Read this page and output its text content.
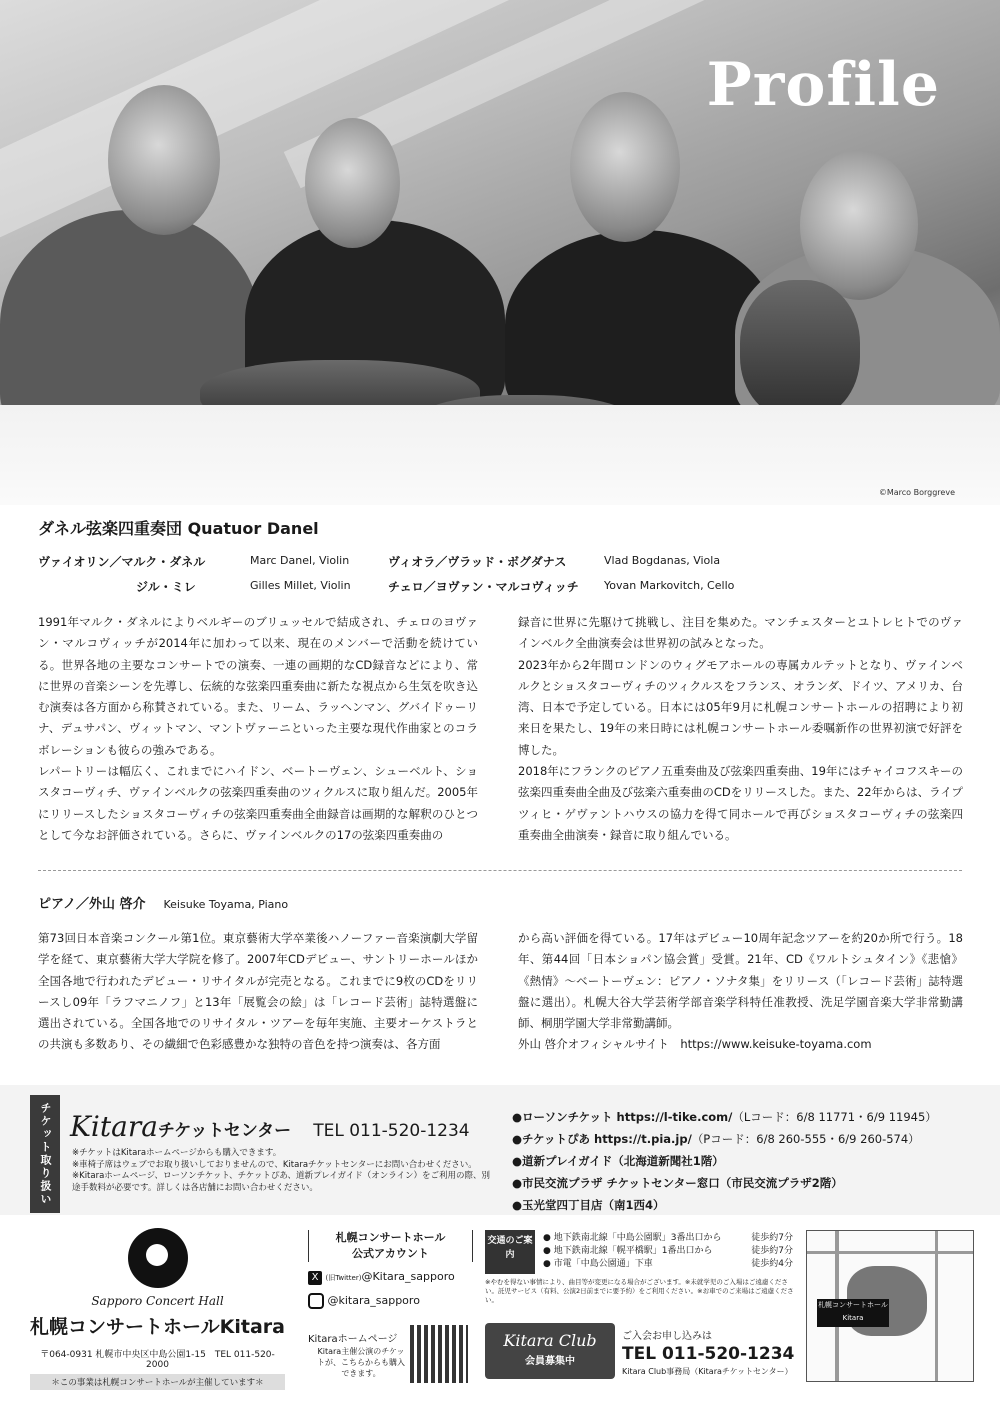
Profile
©Marco Borggreve
ダネル弦楽四重奏団 Quatuor Danel
ヴァイオリン／マルク・ダネル	Marc Danel, Violin	ヴィオラ／ヴラッド・ボグダナス	Vlad Bogdanas, Viola
ジル・ミレ	Gilles Millet, Violin	チェロ／ヨヴァン・マルコヴィッチ Yovan Markovitch, Cello

1991年マルク・ダネルによりベルギーのブリュッセルで結成され、チェロのヨヴァン・マルコヴィッチが2014年に加わって以来、現在のメンバーで活動を続けている。世界各地の主要なコンサートでの演奏、一連の画期的なCD録音などにより、常に世界の音楽シーンを先導し、伝統的な弦楽四重奏曲に新たな視点から生気を吹き込む演奏は各方面から称賛されている。また、リーム、ラッヘンマン、グバイドゥーリナ、デュサパン、ヴィットマン、マントヴァーニといった主要な現代作曲家とのコラボレーションも彼らの強みである。

レパートリーは幅広く、これまでにハイドン、ベートーヴェン、シューベルト、ショスタコーヴィチ、ヴァインベルクの弦楽四重奏曲のツィクルスに取り組んだ。2005年にリリースしたショスタコーヴィチの弦楽四重奏曲全曲録音は画期的な解釈のひとつとして今なお評価されている。さらに、ヴァインベルクの17の弦楽四重奏曲の

録音に世界に先駆けて挑戦し、注目を集めた。マンチェスターとユトレヒトでのヴァインベルク全曲演奏会は世界初の試みとなった。

2023年から2年間ロンドンのウィグモアホールの専属カルテットとなり、ヴァインベルクとショスタコーヴィチのツィクルスをフランス、オランダ、ドイツ、アメリカ、台湾、日本で予定している。日本には05年9月に札幌コンサートホールの招聘により初来日を果たし、19年の来日時には札幌コンサートホール委嘱新作の世界初演で好評を博した。

2018年にフランクのピアノ五重奏曲及び弦楽四重奏曲、19年にはチャイコフスキーの弦楽四重奏曲全曲及び弦楽六重奏曲のCDをリリースした。また、22年からは、ライプツィヒ・ゲヴァントハウスの協力を得て同ホールで再びショスタコーヴィチの弦楽四重奏曲全曲演奏・録音に取り組んでいる。

ピアノ／外山 啓介 Keisuke Toyama, Piano

第73回日本音楽コンクール第1位。東京藝術大学卒業後ハノーファー音楽演劇大学留学を経て、東京藝術大学大学院を修了。2007年CDデビュー、サントリーホールほか全国各地で行われたデビュー・リサイタルが完売となる。これまでに9枚のCDをリリースし09年「ラフマニノフ」と13年「展覧会の絵」は「レコード芸術」誌特選盤に選出されている。全国各地でのリサイタル・ツアーを毎年実施、主要オーケストラとの共演も多数あり、その繊細で色彩感豊かな独特の音色を持つ演奏は、各方面

から高い評価を得ている。17年はデビュー10周年記念ツアーを約20か所で行う。18年、第44回「日本ショパン協会賞」受賞。21年、CD《ワルトシュタイン》《悲愴》《熱情》～ベートーヴェン：ピアノ・ソナタ集」をリリース（「レコード芸術」誌特選盤に選出）。札幌大谷大学芸術学部音楽学科特任准教授、洗足学園音楽大学非常勤講師、桐朋学園大学非常勤講師。

外山 啓介オフィシャルサイト　https://www.keisuke-toyama.com

チケット取り扱い Kitaraチケットセンター TEL 011-520-1234
※チケットはKitaraホームページからも購入できます。
※車椅子席はウェブでお取り扱いしておりませんので、Kitaraチケットセンターにお問い合わせください。
※Kitaraホームページ、ローソンチケット、チケットぴあ、道新プレイガイド（オンライン）をご利用の際、別途手数料が必要です。詳しくは各店舗にお問い合わせください。
●ローソンチケット https://l-tike.com/（Lコード：6/8 11771・6/9 11945）
●チケットぴあ https://t.pia.jp/（Pコード：6/8 260-555・6/9 260-574）
●道新プレイガイド（北海道新聞社1階）
●市民交流プラザ チケットセンター窓口（市民交流プラザ2階）
●玉光堂四丁目店（南1西4）
Sapporo Concert Hall
札幌コンサートホールKitara
〒064-0931 札幌市中央区中島公園1-15　TEL 011-520-2000
＊この事業は札幌コンサートホールが主催しています＊
札幌コンサートホール
公式アカウント
X (旧Twitter)@Kitara_sapporo
@kitara_sapporo
Kitaraホームページ
Kitara主催公演のチケットが、こちらからも購入できます。
交通のご案内
● 地下鉄南北線「中島公園駅」3番出口から	徒歩約7分
● 地下鉄南北線「幌平橋駅」1番出口から	徒歩約7分
● 市電「中島公園通」下車	徒歩約4分
※やむを得ない事情により、曲目等が変更になる場合がございます。※未就学児のご入場はご遠慮ください。託児サービス（有料、公演2日前までに要予約）をご利用ください。※お車でのご来場はご遠慮ください。
Kitara Club
会員募集中
ご入会お申し込みは
TEL 011-520-1234
Kitara Club事務局（Kitaraチケットセンター）
札幌コンサートホール
Kitara
